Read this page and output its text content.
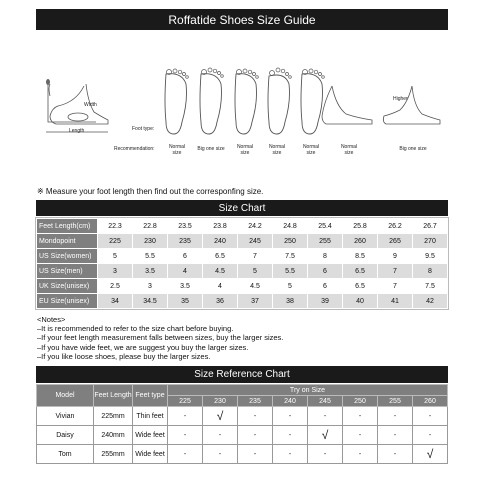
Roffatide Shoes Size Guide
Width
Length	Foot type:
Recommendation:	Normal size
Big one size	Normal size
Normal size
Normal size
Higher
Normal size
Big one size
※ Measure your foot length then find out the corresponfing size.
Size Chart
Feet Length(cm)	22.3	22.8	23.5	23.8	24.2	24.8	25.4	25.8	26.2	26.7
Mondopoint	225	230	235	240	245	250	255	260	265	270
US Size(women)	5	5.5	6	6.5	7	7.5	8	8.5	9	9.5
US Size(men)	3	3.5	4	4.5	5	5.5	6	6.5	7	8
UK Size(unisex)	2.5	3	3.5	4	4.5	5	6	6.5	7	7.5
EU Size(unisex)	34	34.5	35	36	37	38	39	40	41	42
<Notes>
–It is recommended to refer to the size chart before buying.
–If your feet length measurement falls between sizes, buy the larger sizes.
–If you have wide feet, we are suggest you buy the larger sizes.
–If you like loose shoes, please buy the larger sizes.
Size Reference Chart
Model	Feet Length	Feet type	Try on Size							
			225	230	235	240	245	250	255	260
Vivian	225mm	Thin feet	-	√	-	-	-	-	-	-
Daisy	240mm	Wide feet	-	-	-	-	√	-	-	-
Tom	255mm	Wide feet	-	-	-	-	-	-	-	√
